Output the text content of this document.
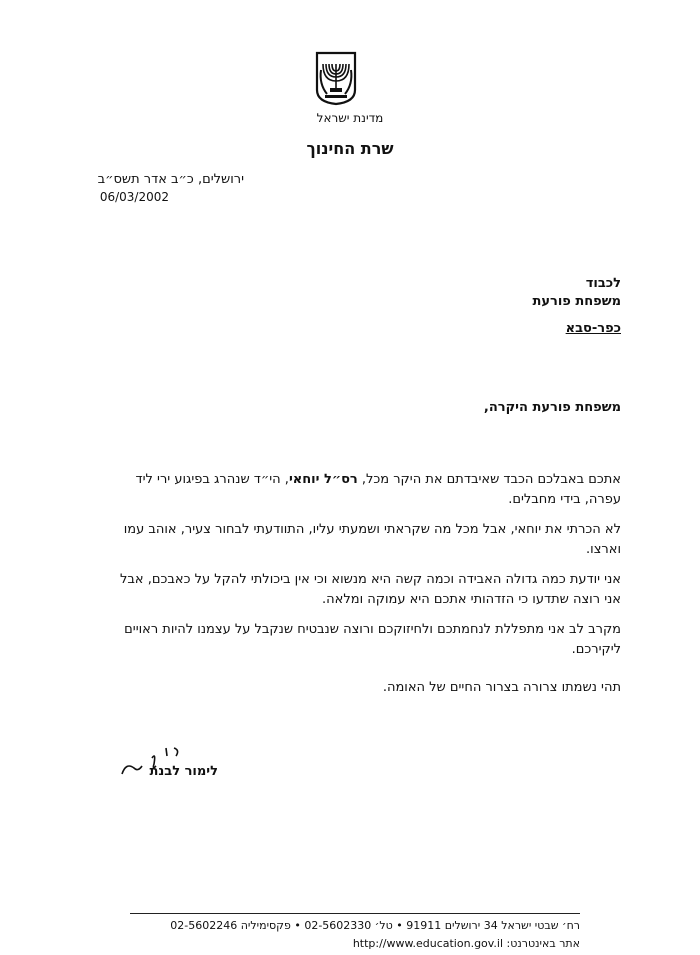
מדינת ישראל
שרת החינוך
ירושלים, כ״ב אדר תשס״ב
06/03/2002
לכבוד
משפחת פורעת
כפר-סבא
משפחת פורעת היקרה,
אתכם באבלכם הכבד שאיבדתם את היקר מכל, רס״ל יוחאי, הי״ד שנהרג בפיגוע ירי ליד עפרה, בידי מחבלים.
לא הכרתי את יוחאי, אבל מכל מה שקראתי ושמעתי עליו, התוודעתי לבחור צעיר, אוהב עמו וארצו.
אני יודעת כמה גדולה האבידה וכמה קשה היא מנשוא וכי אין ביכולתי להקל על כאבכם, אבל אני רוצה שתדעו כי הזדהותי אתכם היא עמוקה ומלאה.
מקרב לב אני מתפללת לנחמתכם ולחיזוקכם ורוצה שנבטיח שנקבל על עצמנו להיות ראויים ליקירכם.
תהי נשמתו צרורה בצרור החיים של האומה.
לימור לבנת
רח׳ שבטי ישראל 34 ירושלים 91911 • טל׳ 02-5602330 • פקסימיליה 02-5602246
אתר באינטרנט: http://www.education.gov.il
